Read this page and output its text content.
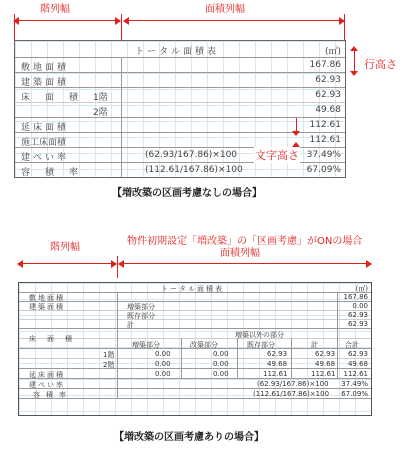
階列幅	面積列幅
行高さ
トータル面積表	(㎡)
敷地面積	167.86
建築面積	62.93
床　面　積 1階	62.93
2階	49.68
延床面積	112.61
施工床面積	112.61
建ぺい率	(62.93/167.86)×100	37.49%
容　積　率	(112.61/167.86)×100	67.09%
文字高さ
【増改築の区画考慮なしの場合】
階列幅
物件初期設定「増改築」の「区画考慮」がONの場合
面積列幅
トータル面積表	(㎡)
敷地面積	167.86
建築面積	増築部分	0.00
既存部分	62.93
計	62.93
増築以外の部分
床　面　積
増築部分	改築部分	既存部分	計	合計
1階	0.00	0.00	62.93	62.93 62.93
2階	0.00	0.00	49.68	49.68 49.68
延床面積	0.00	0.00	112.61	112.61 112.61
建ぺい率	(62.93/167.86)×100 37.49%
容積率	(112.61/167.86)×100 67.09%
【増改築の区画考慮ありの場合】
